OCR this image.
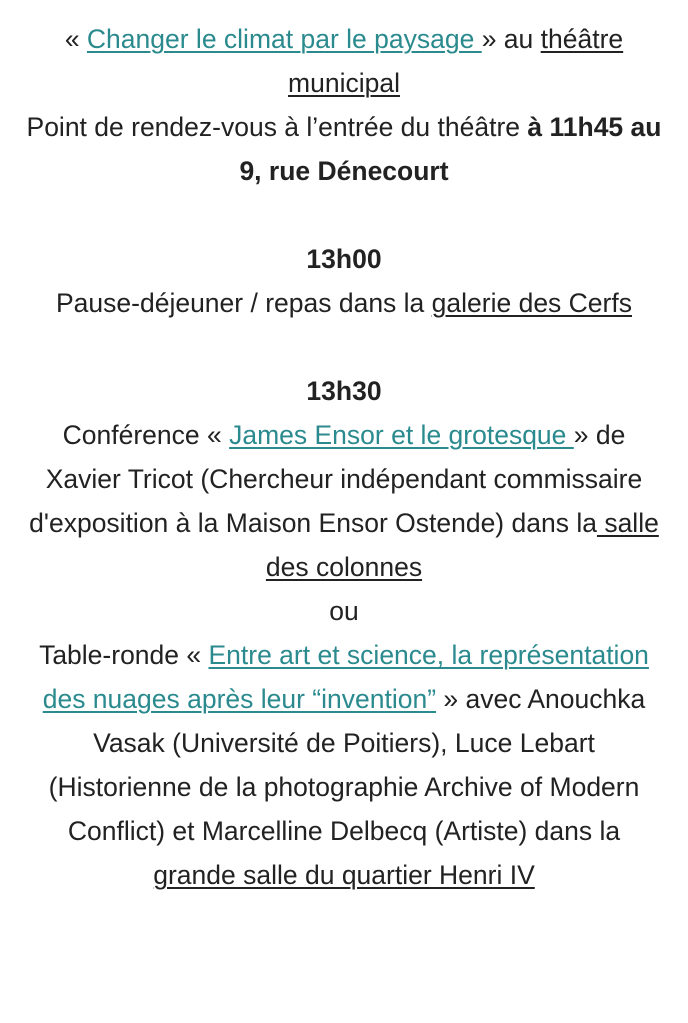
« Changer le climat par le paysage » au théâtre municipal
Point de rendez-vous à l’entrée du théâtre à 11h45 au 9, rue Dénecourt

13h00
Pause-déjeuner / repas dans la galerie des Cerfs

13h30
Conférence « James Ensor et le grotesque » de Xavier Tricot (Chercheur indépendant commissaire d'exposition à la Maison Ensor Ostende) dans la salle des colonnes
ou
Table-ronde « Entre art et science, la représentation des nuages après leur “invention” » avec Anouchka Vasak (Université de Poitiers), Luce Lebart (Historienne de la photographie Archive of Modern Conflict) et Marcelline Delbecq (Artiste) dans la grande salle du quartier Henri IV
